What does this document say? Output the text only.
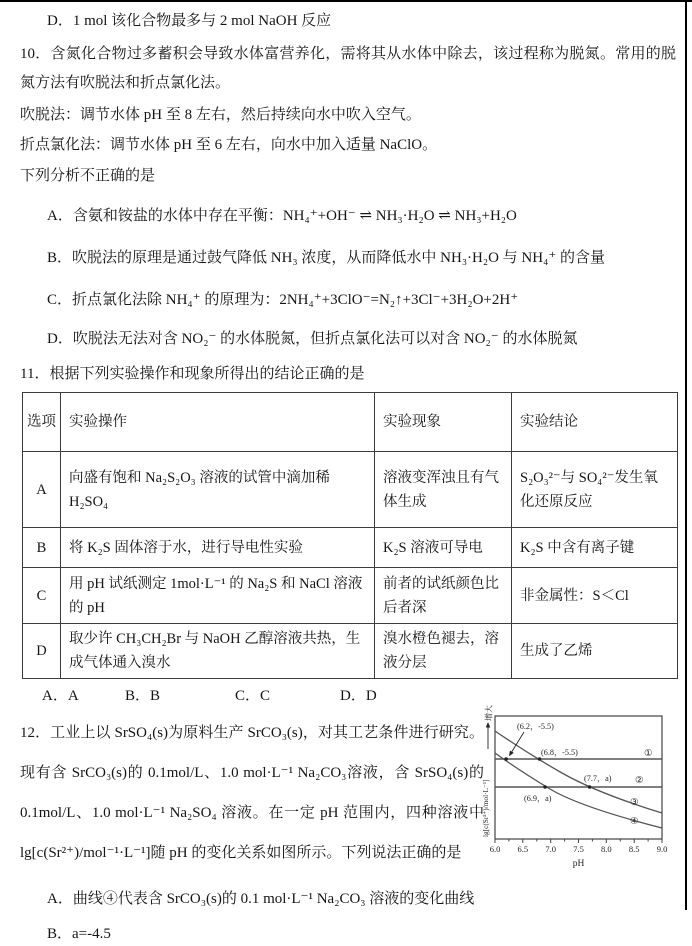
D．1 mol 该化合物最多与 2 mol NaOH 反应

10．含氮化合物过多蓄积会导致水体富营养化，需将其从水体中除去，该过程称为脱氮。常用的脱氮方法有吹脱法和折点氯化法。

吹脱法：调节水体 pH 至 8 左右，然后持续向水中吹入空气。

折点氯化法：调节水体 pH 至 6 左右，向水中加入适量 NaClO。

下列分析不正确的是

A．含氨和铵盐的水体中存在平衡：NH₄⁺+OH⁻ ⇌ NH₃·H₂O ⇌ NH₃+H₂O

B．吹脱法的原理是通过鼓气降低 NH₃ 浓度，从而降低水中 NH₃·H₂O 与 NH₄⁺ 的含量

C．折点氯化法除 NH₄⁺ 的原理为：2NH₄⁺+3ClO⁻=N₂↑+3Cl⁻+3H₂O+2H⁺

D．吹脱法无法对含 NO₂⁻ 的水体脱氮，但折点氯化法可以对含 NO₂⁻ 的水体脱氮

11．根据下列实验操作和现象所得出的结论正确的是

选项	实验操作	实验现象	实验结论
A	向盛有饱和 Na₂S₂O₃ 溶液的试管中滴加稀 H₂SO₄	溶液变浑浊且有气体生成	S₂O₃²⁻与 SO₄²⁻发生氧化还原反应
B	将 K₂S 固体溶于水，进行导电性实验	K₂S 溶液可导电	K₂S 中含有离子键
C	用 pH 试纸测定 1mol·L⁻¹ 的 Na₂S 和 NaCl 溶液的 pH	前者的试纸颜色比后者深	非金属性：S＜Cl
D	取少许 CH₃CH₂Br 与 NaOH 乙醇溶液共热，生成气体通入溴水	溴水橙色褪去，溶液分层	生成了乙烯
A．A	B．B	C．C	D．D

12．工业上以 SrSO₄(s)为原料生产 SrCO₃(s)，对其工艺条件进行研究。现有含 SrCO₃(s)的 0.1mol/L、1.0 mol·L⁻¹ Na₂CO₃溶液，含 SrSO₄(s)的 0.1mol/L、1.0 mol·L⁻¹ Na₂SO₄ 溶液。在一定 pH 范围内，四种溶液中 lg[c(Sr²⁺)/mol⁻¹·L⁻¹]随 pH 的变化关系如图所示。下列说法正确的是

(6.2，-5.5)
(6.8，-5.5)
(7.7，a)
(6.9，a)
①
②
③
④
6.0 6.5 7.0 7.5 8.0 8.5 9.0
pH
lg[c(Sr²⁺)/mol·L⁻¹]
增大

A．曲线④代表含 SrCO₃(s)的 0.1 mol·L⁻¹ Na₂CO₃ 溶液的变化曲线

B．a=-4.5
